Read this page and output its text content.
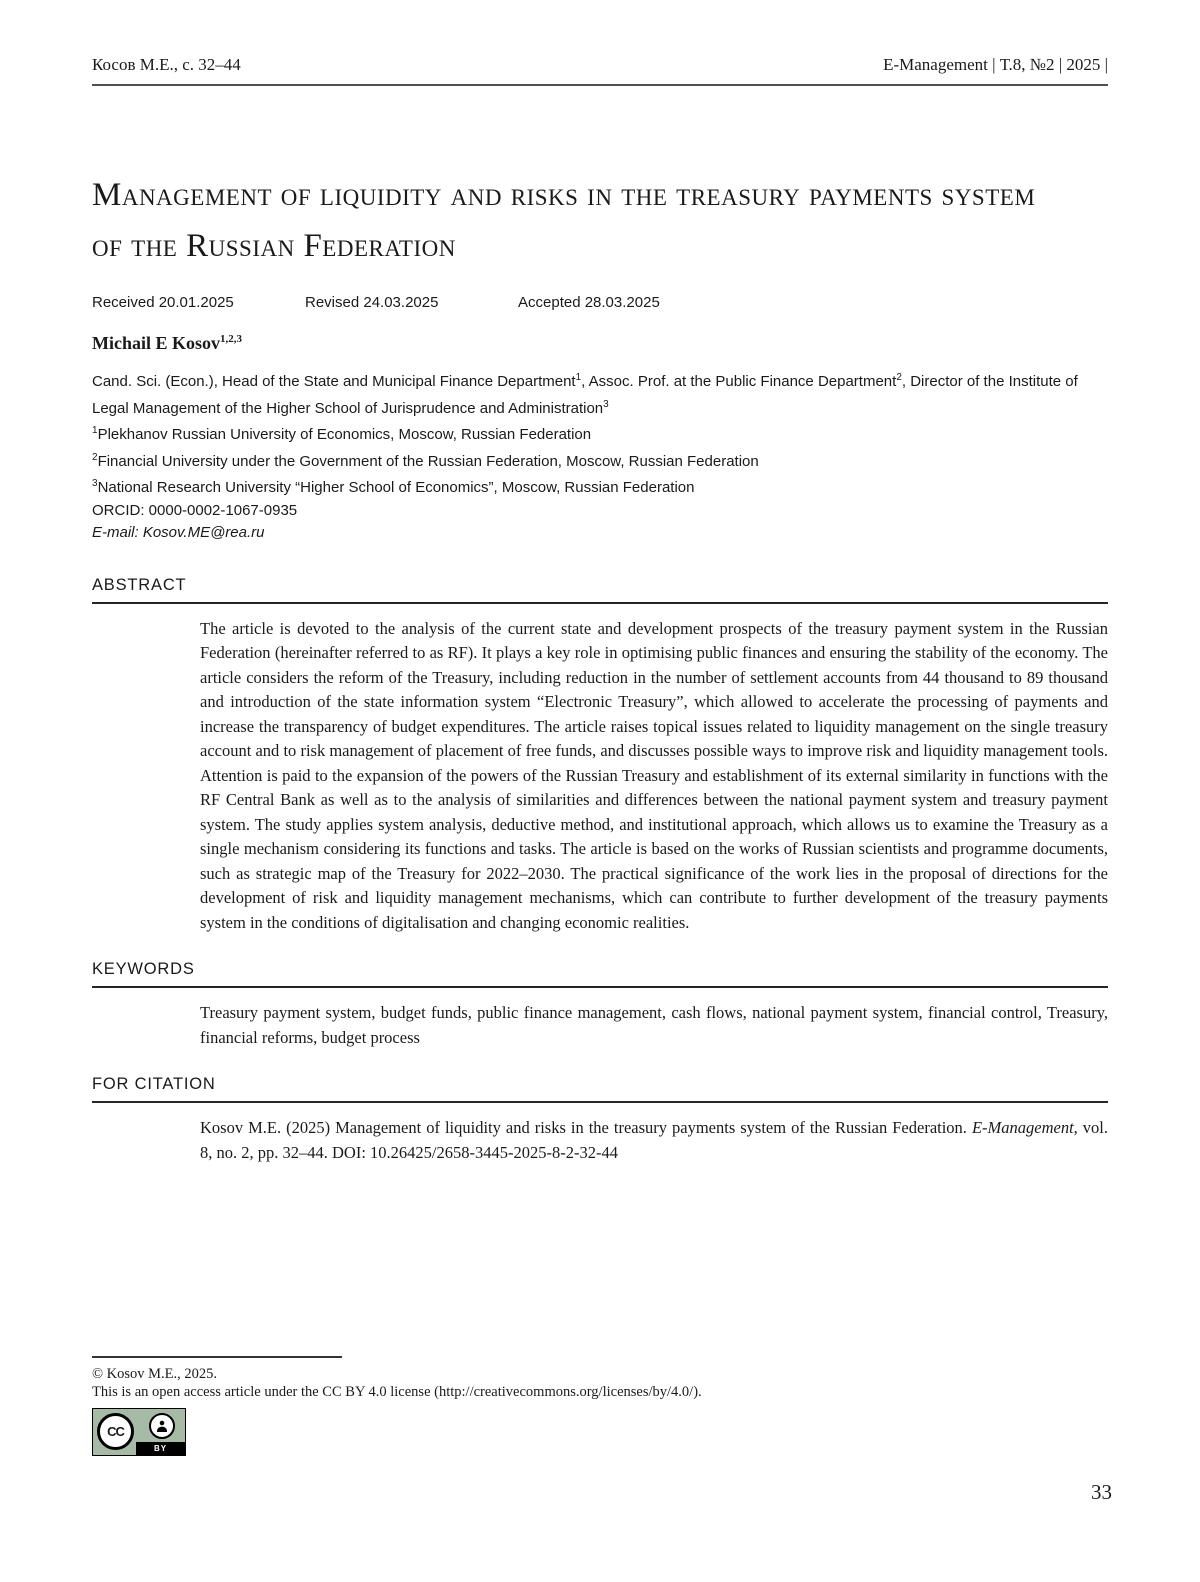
Косов М.Е., с. 32–44	E-Management | Т.8, №2 | 2025 |
Management of liquidity and risks in the treasury payments system of the Russian Federation
Received 20.01.2025	Revised 24.03.2025	Accepted 28.03.2025
Michail E Kosov$^{1,2,3}$
Cand. Sci. (Econ.), Head of the State and Municipal Finance Department$^1$, Assoc. Prof. at the Public Finance Department$^2$, Director of the Institute of Legal Management of the Higher School of Jurisprudence and Administration$^3$
$^1$Plekhanov Russian University of Economics, Moscow, Russian Federation
$^2$Financial University under the Government of the Russian Federation, Moscow, Russian Federation
$^3$National Research University “Higher School of Economics”, Moscow, Russian Federation
ORCID: 0000-0002-1067-0935
E-mail: Kosov.ME@rea.ru
ABSTRACT

The article is devoted to the analysis of the current state and development prospects of the treasury payment system in the Russian Federation (hereinafter referred to as RF). It plays a key role in optimising public finances and ensuring the stability of the economy. The article considers the reform of the Treasury, including reduction in the number of settlement accounts from 44 thousand to 89 thousand and introduction of the state information system “Electronic Treasury”, which allowed to accelerate the processing of payments and increase the transparency of budget expenditures. The article raises topical issues related to liquidity management on the single treasury account and to risk management of placement of free funds, and discusses possible ways to improve risk and liquidity management tools. Attention is paid to the expansion of the powers of the Russian Treasury and establishment of its external similarity in functions with the RF Central Bank as well as to the analysis of similarities and differences between the national payment system and treasury payment system. The study applies system analysis, deductive method, and institutional approach, which allows us to examine the Treasury as a single mechanism considering its functions and tasks. The article is based on the works of Russian scientists and programme documents, such as strategic map of the Treasury for 2022–2030. The practical significance of the work lies in the proposal of directions for the development of risk and liquidity management mechanisms, which can contribute to further development of the treasury payments system in the conditions of digitalisation and changing economic realities.

KEYWORDS

Treasury payment system, budget funds, public finance management, cash flows, national payment system, financial control, Treasury, financial reforms, budget process

FOR CITATION

Kosov M.E. (2025) Management of liquidity and risks in the treasury payments system of the Russian Federation. E-Management, vol. 8, no. 2, pp. 32–44. DOI: 10.26425/2658-3445-2025-8-2-32-44

© Kosov M.E., 2025.
This is an open access article under the CC BY 4.0 license (http://creativecommons.org/licenses/by/4.0/).
CC
BY
33
